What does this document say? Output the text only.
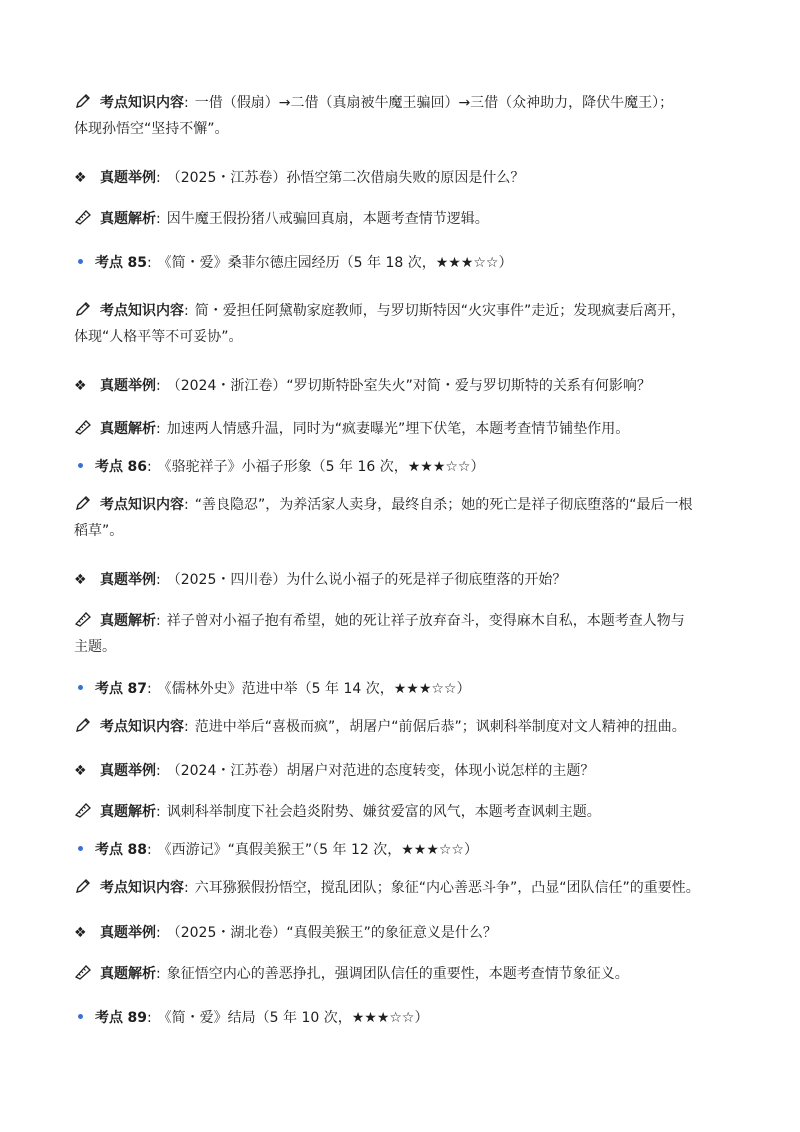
考点知识内容: 一借（假扇）→二借（真扇被牛魔王骗回）→三借（众神助力，降伏牛魔王）；
体现孙悟空“坚持不懈”。
❖ 真题举例: （2025・江苏卷）孙悟空第二次借扇失败的原因是什么？
真题解析: 因牛魔王假扮猪八戒骗回真扇，本题考查情节逻辑。
考点 85: 《简・爱》桑菲尔德庄园经历（5 年 18 次，★★★☆☆）
考点知识内容: 简・爱担任阿黛勒家庭教师，与罗切斯特因“火灾事件”走近；发现疯妻后离开，
体现“人格平等不可妥协”。
❖ 真题举例: （2024・浙江卷）“罗切斯特卧室失火”对简・爱与罗切斯特的关系有何影响？
真题解析: 加速两人情感升温，同时为“疯妻曝光”埋下伏笔，本题考查情节铺垫作用。
考点 86: 《骆驼祥子》小福子形象（5 年 16 次，★★★☆☆）
考点知识内容: “善良隐忍”，为养活家人卖身，最终自杀；她的死亡是祥子彻底堕落的“最后一根
稻草”。
❖ 真题举例: （2025・四川卷）为什么说小福子的死是祥子彻底堕落的开始？
真题解析: 祥子曾对小福子抱有希望，她的死让祥子放弃奋斗，变得麻木自私，本题考查人物与
主题。
考点 87: 《儒林外史》范进中举（5 年 14 次，★★★☆☆）
考点知识内容: 范进中举后“喜极而疯”，胡屠户“前倨后恭”；讽刺科举制度对文人精神的扭曲。
❖ 真题举例: （2024・江苏卷）胡屠户对范进的态度转变，体现小说怎样的主题？
真题解析: 讽刺科举制度下社会趋炎附势、嫌贫爱富的风气，本题考查讽刺主题。
考点 88: 《西游记》“真假美猴王”（5 年 12 次，★★★☆☆）
考点知识内容: 六耳猕猴假扮悟空，搅乱团队；象征“内心善恶斗争”，凸显“团队信任”的重要性。
❖ 真题举例: （2025・湖北卷）“真假美猴王”的象征意义是什么？
真题解析: 象征悟空内心的善恶挣扎，强调团队信任的重要性，本题考查情节象征义。
考点 89: 《简・爱》结局（5 年 10 次，★★★☆☆）
